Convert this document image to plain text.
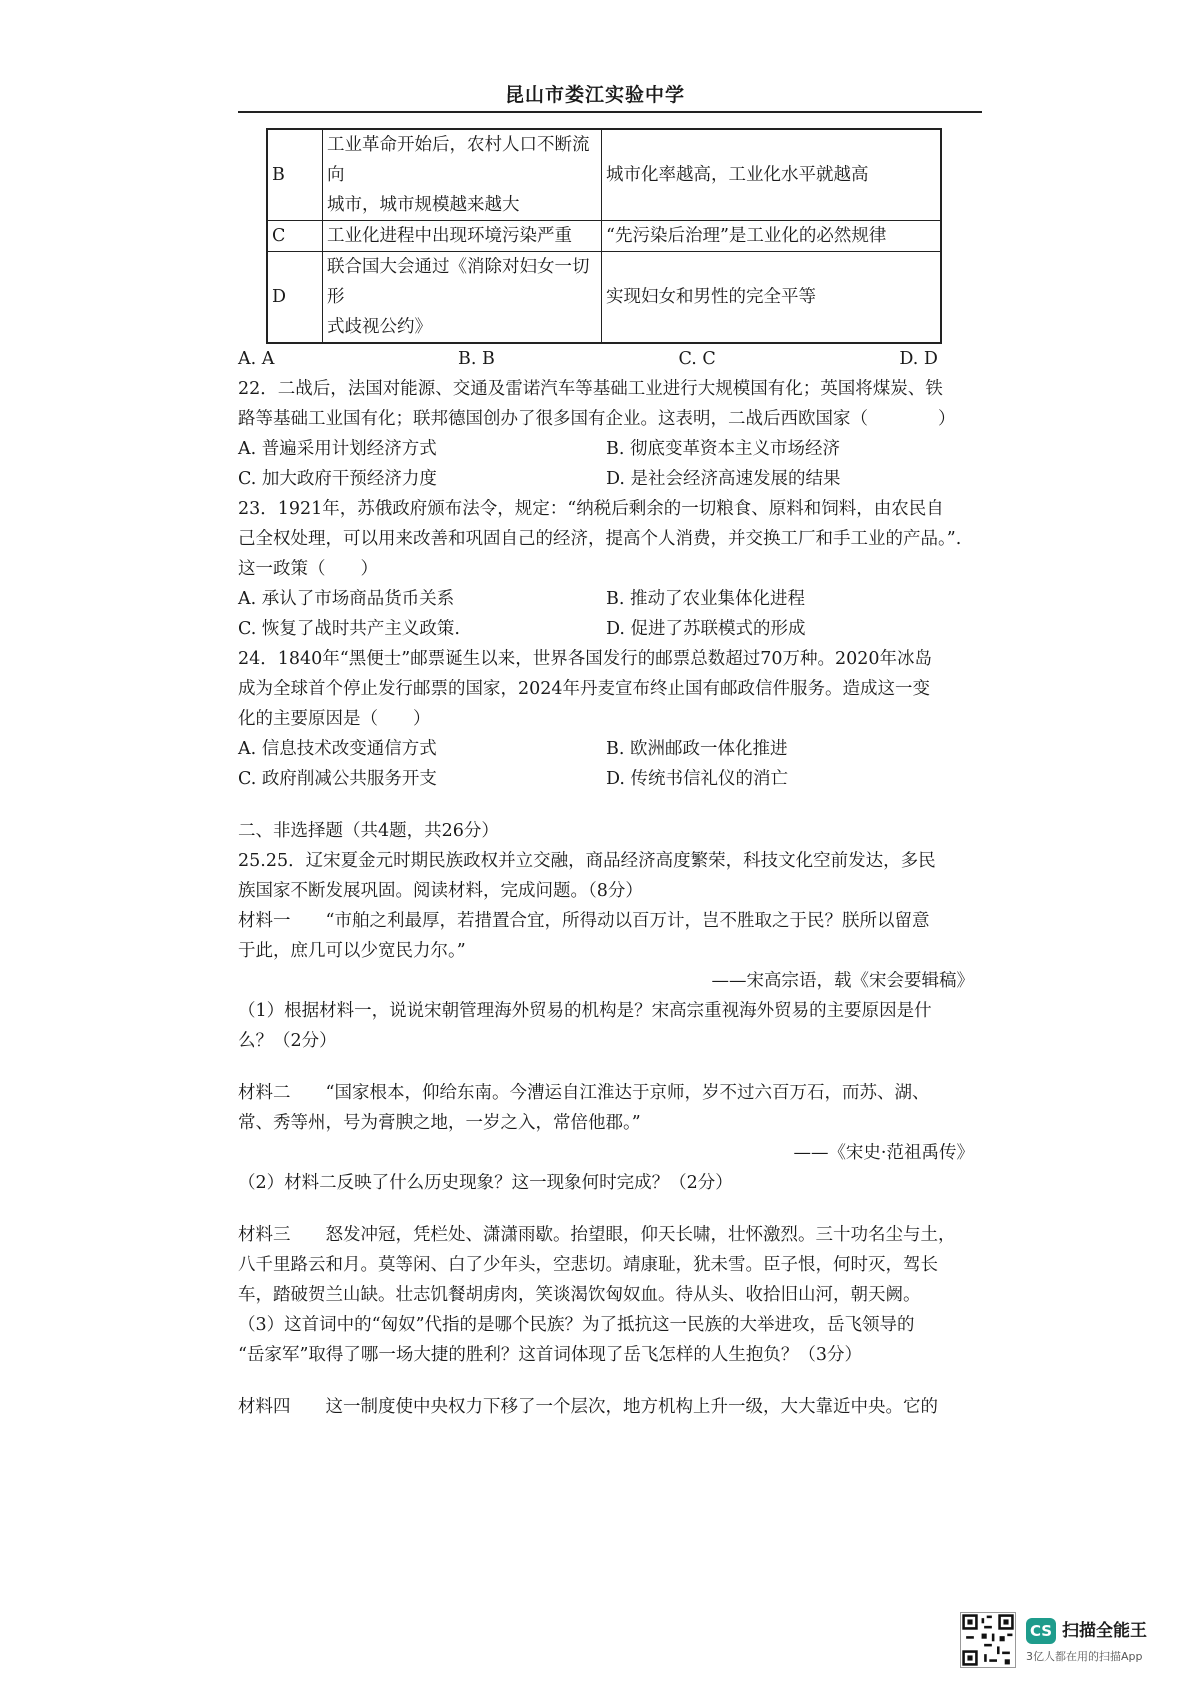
昆山市娄江实验中学
B	工业革命开始后，农村人口不断流
向
城市，城市规模越来越大	城市化率越高，工业化水平就越高
C	工业化进程中出现环境污染严重	“先污染后治理”是工业化的必然规律
D	联合国大会通过《消除对妇女一切
形
式歧视公约》	实现妇女和男性的完全平等
A. A	B. B	C. C	D. D
22．二战后，法国对能源、交通及雷诺汽车等基础工业进行大规模国有化；英国将煤炭、铁
路等基础工业国有化；联邦德国创办了很多国有企业。这表明，二战后西欧国家（　　　　）
A. 普遍采用计划经济方式	B. 彻底变革资本主义市场经济
C. 加大政府干预经济力度	D. 是社会经济高速发展的结果
23．1921年，苏俄政府颁布法令，规定：“纳税后剩余的一切粮食、原料和饲料，由农民自
己全权处理，可以用来改善和巩固自己的经济，提高个人消费，并交换工厂和手工业的产品。”.
这一政策（　　）
A. 承认了市场商品货币关系	B. 推动了农业集体化进程
C. 恢复了战时共产主义政策.	D. 促进了苏联模式的形成
24．1840年“黑便士”邮票诞生以来，世界各国发行的邮票总数超过70万种。2020年冰岛
成为全球首个停止发行邮票的国家，2024年丹麦宣布终止国有邮政信件服务。造成这一变
化的主要原因是（　　）
A. 信息技术改变通信方式	B. 欧洲邮政一体化推进
C. 政府削减公共服务开支	D. 传统书信礼仪的消亡
二、非选择题（共4题，共26分）
25.25．辽宋夏金元时期民族政权并立交融，商品经济高度繁荣，科技文化空前发达，多民
族国家不断发展巩固。阅读材料，完成问题。（8分）
材料一　　“市舶之利最厚，若措置合宜，所得动以百万计，岂不胜取之于民？朕所以留意
于此，庶几可以少宽民力尔。”
——宋高宗语，载《宋会要辑稿》
（1）根据材料一，说说宋朝管理海外贸易的机构是？宋高宗重视海外贸易的主要原因是什
么？（2分）
材料二　　“国家根本，仰给东南。今漕运自江淮达于京师，岁不过六百万石，而苏、湖、
常、秀等州，号为膏腴之地，一岁之入，常倍他郡。”
——《宋史·范祖禹传》
（2）材料二反映了什么历史现象？这一现象何时完成？（2分）
材料三　　怒发冲冠，凭栏处、潇潇雨歇。抬望眼，仰天长啸，壮怀激烈。三十功名尘与土，
八千里路云和月。莫等闲、白了少年头，空悲切。靖康耻，犹未雪。臣子恨，何时灭，驾长
车，踏破贺兰山缺。壮志饥餐胡虏肉，笑谈渴饮匈奴血。待从头、收拾旧山河，朝天阙。
（3）这首词中的“匈奴”代指的是哪个民族？为了抵抗这一民族的大举进攻，岳飞领导的
“岳家军”取得了哪一场大捷的胜利？这首词体现了岳飞怎样的人生抱负？（3分）
材料四　　这一制度使中央权力下移了一个层次，地方机构上升一级，大大靠近中央。它的
CS 扫描全能王
3亿人都在用的扫描App
